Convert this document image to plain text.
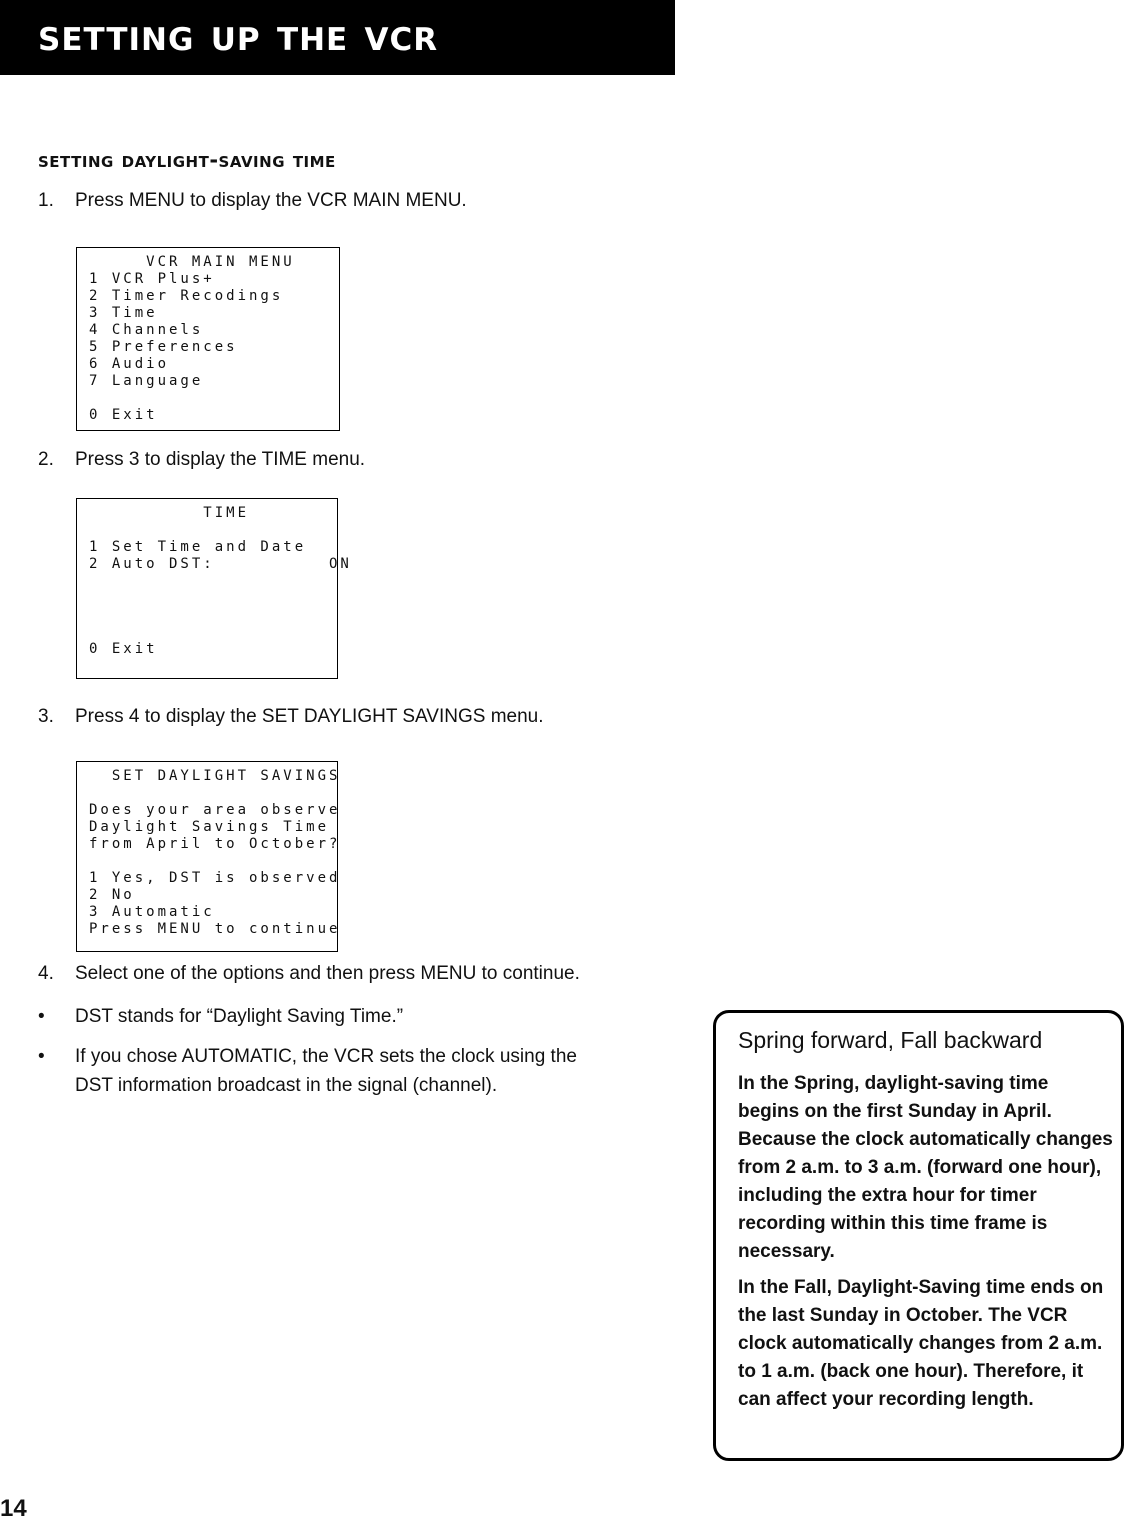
setting up the vcr
setting daylight-saving time
1. Press MENU to display the VCR MAIN MENU.
VCR MAIN MENU
1 VCR Plus+
2 Timer Recodings
3 Time
4 Channels
5 Preferences
6 Audio
7 Language
0 Exit
2. Press 3 to display the TIME menu.
TIME
1 Set Time and Date
2 Auto DST:          ON
0 Exit
3. Press 4 to display the SET DAYLIGHT SAVINGS menu.
SET DAYLIGHT SAVINGS
Does your area observe
Daylight Savings Time
from April to October?
1 Yes, DST is observed
2 No
3 Automatic
Press MENU to continue
4. Select one of the options and then press MENU to continue.
• DST stands for “Daylight Saving Time.”
• If you chose AUTOMATIC, the VCR sets the clock using the
DST information broadcast in the signal (channel).
Spring forward, Fall backward

In the Spring, daylight-saving time begins on the first Sunday in April. Because the clock automatically changes from 2 a.m. to 3 a.m. (forward one hour), including the extra hour for timer recording within this time frame is necessary.

In the Fall, Daylight-Saving time ends on the last Sunday in October. The VCR clock automatically changes from 2 a.m. to 1 a.m. (back one hour). Therefore, it can affect your recording length.

14
